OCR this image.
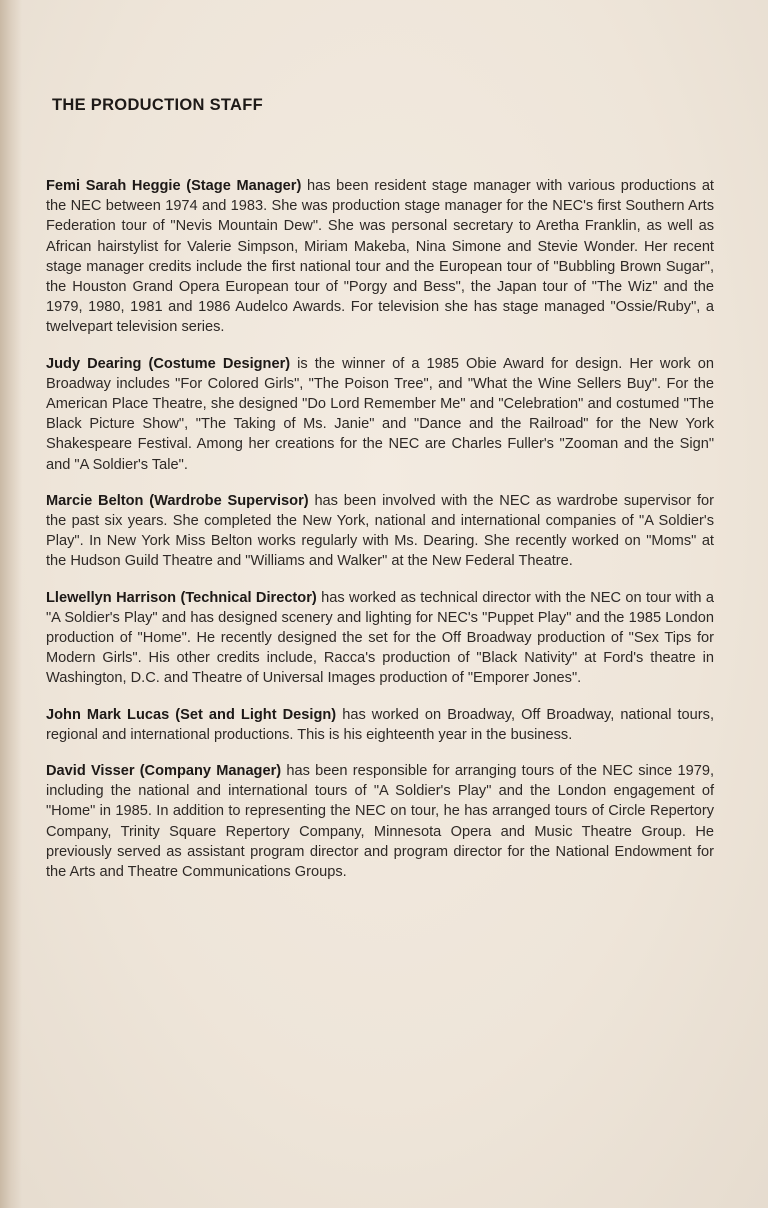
THE PRODUCTION STAFF

Femi Sarah Heggie (Stage Manager) has been resident stage manager with various productions at the NEC between 1974 and 1983. She was production stage manager for the NEC's first Southern Arts Federation tour of "Nevis Mountain Dew". She was personal secretary to Aretha Franklin, as well as African hairstylist for Valerie Simpson, Miriam Makeba, Nina Simone and Stevie Wonder. Her recent stage manager credits include the first national tour and the European tour of "Bubbling Brown Sugar", the Houston Grand Opera European tour of "Porgy and Bess", the Japan tour of "The Wiz" and the 1979, 1980, 1981 and 1986 Audelco Awards. For television she has stage managed "Ossie/Ruby", a twelvepart television series.

Judy Dearing (Costume Designer) is the winner of a 1985 Obie Award for design. Her work on Broadway includes "For Colored Girls", "The Poison Tree", and "What the Wine Sellers Buy". For the American Place Theatre, she designed "Do Lord Remember Me" and "Celebration" and costumed "The Black Picture Show", "The Taking of Ms. Janie" and "Dance and the Railroad" for the New York Shakespeare Festival. Among her creations for the NEC are Charles Fuller's "Zooman and the Sign" and "A Soldier's Tale".

Marcie Belton (Wardrobe Supervisor) has been involved with the NEC as wardrobe supervisor for the past six years. She completed the New York, national and international companies of "A Soldier's Play". In New York Miss Belton works regularly with Ms. Dearing. She recently worked on "Moms" at the Hudson Guild Theatre and "Williams and Walker" at the New Federal Theatre.

Llewellyn Harrison (Technical Director) has worked as technical director with the NEC on tour with a "A Soldier's Play" and has designed scenery and lighting for NEC's "Puppet Play" and the 1985 London production of "Home". He recently designed the set for the Off Broadway production of "Sex Tips for Modern Girls". His other credits include, Racca's production of "Black Nativity" at Ford's theatre in Washington, D.C. and Theatre of Universal Images production of "Emporer Jones".

John Mark Lucas (Set and Light Design) has worked on Broadway, Off Broadway, national tours, regional and international productions. This is his eighteenth year in the business.

David Visser (Company Manager) has been responsible for arranging tours of the NEC since 1979, including the national and international tours of "A Soldier's Play" and the London engagement of "Home" in 1985. In addition to representing the NEC on tour, he has arranged tours of Circle Repertory Company, Trinity Square Repertory Company, Minnesota Opera and Music Theatre Group. He previously served as assistant program director and program director for the National Endowment for the Arts and Theatre Communications Groups.
